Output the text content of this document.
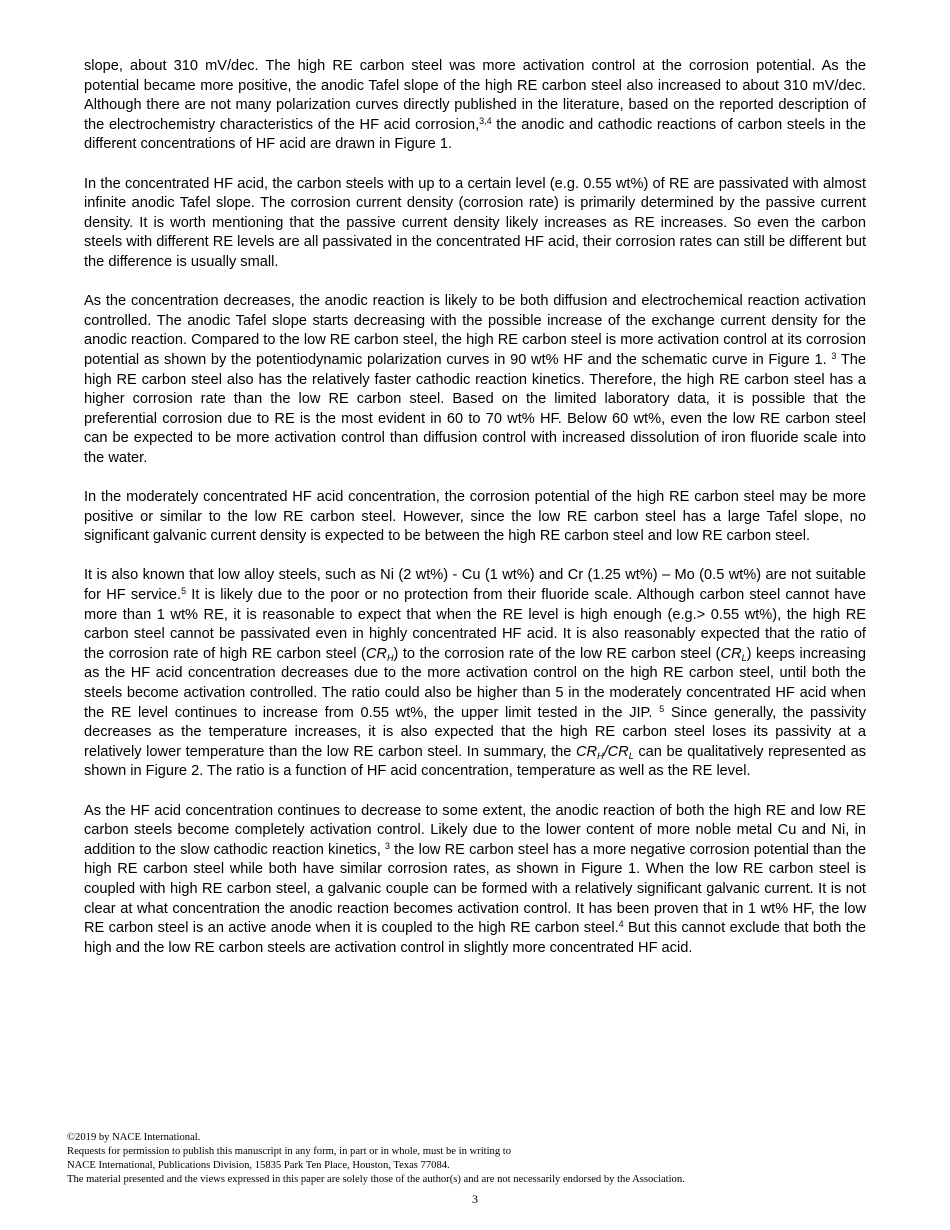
slope, about 310 mV/dec. The high RE carbon steel was more activation control at the corrosion potential. As the potential became more positive, the anodic Tafel slope of the high RE carbon steel also increased to about 310 mV/dec. Although there are not many polarization curves directly published in the literature, based on the reported description of the electrochemistry characteristics of the HF acid corrosion,$^{3,4}$ the anodic and cathodic reactions of carbon steels in the different concentrations of HF acid are drawn in Figure 1.

In the concentrated HF acid, the carbon steels with up to a certain level (e.g. 0.55 wt%) of RE are passivated with almost infinite anodic Tafel slope. The corrosion current density (corrosion rate) is primarily determined by the passive current density. It is worth mentioning that the passive current density likely increases as RE increases. So even the carbon steels with different RE levels are all passivated in the concentrated HF acid, their corrosion rates can still be different but the difference is usually small.

As the concentration decreases, the anodic reaction is likely to be both diffusion and electrochemical reaction activation controlled. The anodic Tafel slope starts decreasing with the possible increase of the exchange current density for the anodic reaction. Compared to the low RE carbon steel, the high RE carbon steel is more activation control at its corrosion potential as shown by the potentiodynamic polarization curves in 90 wt% HF and the schematic curve in Figure 1. $^3$ The high RE carbon steel also has the relatively faster cathodic reaction kinetics. Therefore, the high RE carbon steel has a higher corrosion rate than the low RE carbon steel. Based on the limited laboratory data, it is possible that the preferential corrosion due to RE is the most evident in 60 to 70 wt% HF. Below 60 wt%, even the low RE carbon steel can be expected to be more activation control than diffusion control with increased dissolution of iron fluoride scale into the water.

In the moderately concentrated HF acid concentration, the corrosion potential of the high RE carbon steel may be more positive or similar to the low RE carbon steel. However, since the low RE carbon steel has a large Tafel slope, no significant galvanic current density is expected to be between the high RE carbon steel and low RE carbon steel.

It is also known that low alloy steels, such as Ni (2 wt%) - Cu (1 wt%) and Cr (1.25 wt%) – Mo (0.5 wt%) are not suitable for HF service.$^5$ It is likely due to the poor or no protection from their fluoride scale. Although carbon steel cannot have more than 1 wt% RE, it is reasonable to expect that when the RE level is high enough (e.g.> 0.55 wt%), the high RE carbon steel cannot be passivated even in highly concentrated HF acid. It is also reasonably expected that the ratio of the corrosion rate of high RE carbon steel $(CR_H)$ to the corrosion rate of the low RE carbon steel $(CR_L)$ keeps increasing as the HF acid concentration decreases due to the more activation control on the high RE carbon steel, until both the steels become activation controlled. The ratio could also be higher than 5 in the moderately concentrated HF acid when the RE level continues to increase from 0.55 wt%, the upper limit tested in the JIP. $^5$ Since generally, the passivity decreases as the temperature increases, it is also expected that the high RE carbon steel loses its passivity at a relatively lower temperature than the low RE carbon steel. In summary, the $CR_H/CR_L$ can be qualitatively represented as shown in Figure 2. The ratio is a function of HF acid concentration, temperature as well as the RE level.

As the HF acid concentration continues to decrease to some extent, the anodic reaction of both the high RE and low RE carbon steels become completely activation control. Likely due to the lower content of more noble metal Cu and Ni, in addition to the slow cathodic reaction kinetics, $^3$ the low RE carbon steel has a more negative corrosion potential than the high RE carbon steel while both have similar corrosion rates, as shown in Figure 1. When the low RE carbon steel is coupled with high RE carbon steel, a galvanic couple can be formed with a relatively significant galvanic current. It is not clear at what concentration the anodic reaction becomes activation control. It has been proven that in 1 wt% HF, the low RE carbon steel is an active anode when it is coupled to the high RE carbon steel.$^4$ But this cannot exclude that both the high and the low RE carbon steels are activation control in slightly more concentrated HF acid.

©2019 by NACE International.
Requests for permission to publish this manuscript in any form, in part or in whole, must be in writing to
NACE International, Publications Division, 15835 Park Ten Place, Houston, Texas 77084.
The material presented and the views expressed in this paper are solely those of the author(s) and are not necessarily endorsed by the Association.
3
